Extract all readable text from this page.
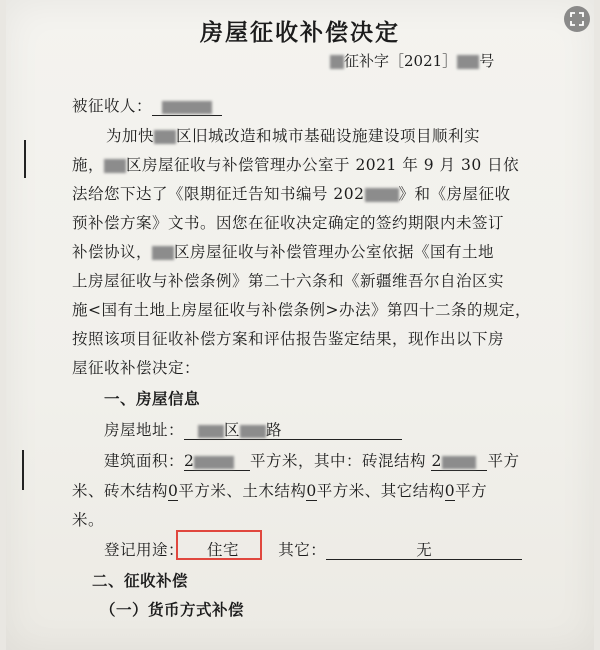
房屋征收补偿决定
征补字［2021］ 号
被征收人：
为加快 区旧城改造和城市基础设施建设项目顺利实
施， 区房屋征收与补偿管理办公室于 2021 年 9 月 30 日依
法给您下达了《限期征迁告知书编号 202 》和《房屋征收
预补偿方案》文书。因您在征收决定确定的签约期限内未签订
补偿协议， 区房屋征收与补偿管理办公室依据《国有土地
上房屋征收与补偿条例》第二十六条和《新疆维吾尔自治区实
施<国有土地上房屋征收与补偿条例>办法》第四十二条的规定，
按照该项目征收补偿方案和评估报告鉴定结果，现作出以下房
屋征收补偿决定：
一、房屋信息
房屋地址：	区 路
建筑面积：2	平方米，其中：砖混结构 2	平方
米、砖木结构0平方米、土木结构0平方米、其它结构0平方
米。
登记用途： 住宅	其它：	无
二、征收补偿
（一）货币方式补偿
